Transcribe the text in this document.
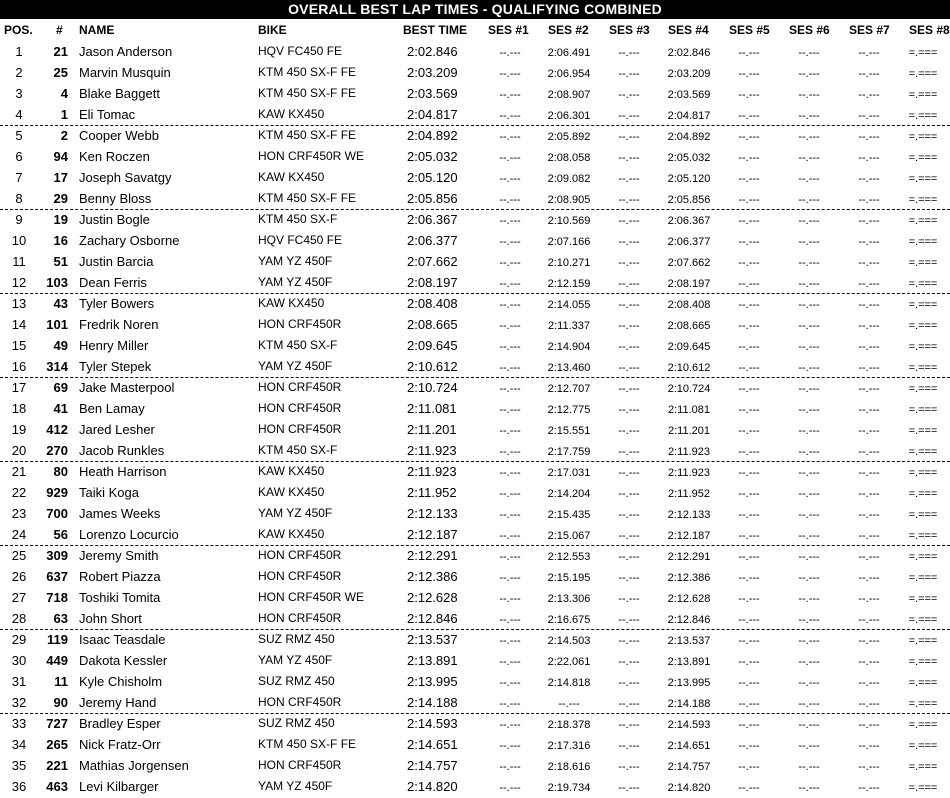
OVERALL BEST LAP TIMES - QUALIFYING COMBINED
POS. # NAME	BIKE	BEST TIME SES #1 SES #2 SES #3 SES #4 SES #5 SES #6 SES #7 SES #8
1	21 Jason Anderson	HQV FC450 FE	2:02.846	--.---	2:06.491	--.---	2:02.846	--.---	--.---	--.---	=.===
2	25 Marvin Musquin	KTM 450 SX-F FE	2:03.209	--.---	2:06.954	--.---	2:03.209	--.---	--.---	--.---	=.===
3	4 Blake Baggett	KTM 450 SX-F FE	2:03.569	--.---	2:08.907	--.---	2:03.569	--.---	--.---	--.---	=.===
4	1 Eli Tomac	KAW KX450	2:04.817	--.---	2:06.301	--.---	2:04.817	--.---	--.---	--.---	=.===
5	2 Cooper Webb	KTM 450 SX-F FE	2:04.892	--.---	2:05.892	--.---	2:04.892	--.---	--.---	--.---	=.===
6	94 Ken Roczen	HON CRF450R WE	2:05.032	--.---	2:08.058	--.---	2:05.032	--.---	--.---	--.---	=.===
7	17 Joseph Savatgy	KAW KX450	2:05.120	--.---	2:09.082	--.---	2:05.120	--.---	--.---	--.---	=.===
8	29 Benny Bloss	KTM 450 SX-F FE	2:05.856	--.---	2:08.905	--.---	2:05.856	--.---	--.---	--.---	=.===
9	19 Justin Bogle	KTM 450 SX-F	2:06.367	--.---	2:10.569	--.---	2:06.367	--.---	--.---	--.---	=.===
10	16 Zachary Osborne	HQV FC450 FE	2:06.377	--.---	2:07.166	--.---	2:06.377	--.---	--.---	--.---	=.===
11	51 Justin Barcia	YAM YZ 450F	2:07.662	--.---	2:10.271	--.---	2:07.662	--.---	--.---	--.---	=.===
12	103 Dean Ferris	YAM YZ 450F	2:08.197	--.---	2:12.159	--.---	2:08.197	--.---	--.---	--.---	=.===
13	43 Tyler Bowers	KAW KX450	2:08.408	--.---	2:14.055	--.---	2:08.408	--.---	--.---	--.---	=.===
14	101 Fredrik Noren	HON CRF450R	2:08.665	--.---	2:11.337	--.---	2:08.665	--.---	--.---	--.---	=.===
15	49 Henry Miller	KTM 450 SX-F	2:09.645	--.---	2:14.904	--.---	2:09.645	--.---	--.---	--.---	=.===
16	314 Tyler Stepek	YAM YZ 450F	2:10.612	--.---	2:13.460	--.---	2:10.612	--.---	--.---	--.---	=.===
17	69 Jake Masterpool	HON CRF450R	2:10.724	--.---	2:12.707	--.---	2:10.724	--.---	--.---	--.---	=.===
18	41 Ben Lamay	HON CRF450R	2:11.081	--.---	2:12.775	--.---	2:11.081	--.---	--.---	--.---	=.===
19	412 Jared Lesher	HON CRF450R	2:11.201	--.---	2:15.551	--.---	2:11.201	--.---	--.---	--.---	=.===
20	270 Jacob Runkles	KTM 450 SX-F	2:11.923	--.---	2:17.759	--.---	2:11.923	--.---	--.---	--.---	=.===
21	80 Heath Harrison	KAW KX450	2:11.923	--.---	2:17.031	--.---	2:11.923	--.---	--.---	--.---	=.===
22	929 Taiki Koga	KAW KX450	2:11.952	--.---	2:14.204	--.---	2:11.952	--.---	--.---	--.---	=.===
23	700 James Weeks	YAM YZ 450F	2:12.133	--.---	2:15.435	--.---	2:12.133	--.---	--.---	--.---	=.===
24	56 Lorenzo Locurcio	KAW KX450	2:12.187	--.---	2:15.067	--.---	2:12.187	--.---	--.---	--.---	=.===
25	309 Jeremy Smith	HON CRF450R	2:12.291	--.---	2:12.553	--.---	2:12.291	--.---	--.---	--.---	=.===
26	637 Robert Piazza	HON CRF450R	2:12.386	--.---	2:15.195	--.---	2:12.386	--.---	--.---	--.---	=.===
27	718 Toshiki Tomita	HON CRF450R WE	2:12.628	--.---	2:13.306	--.---	2:12.628	--.---	--.---	--.---	=.===
28	63 John Short	HON CRF450R	2:12.846	--.---	2:16.675	--.---	2:12.846	--.---	--.---	--.---	=.===
29	119 Isaac Teasdale	SUZ RMZ 450	2:13.537	--.---	2:14.503	--.---	2:13.537	--.---	--.---	--.---	=.===
30	449 Dakota Kessler	YAM YZ 450F	2:13.891	--.---	2:22.061	--.---	2:13.891	--.---	--.---	--.---	=.===
31	11 Kyle Chisholm	SUZ RMZ 450	2:13.995	--.---	2:14.818	--.---	2:13.995	--.---	--.---	--.---	=.===
32	90 Jeremy Hand	HON CRF450R	2:14.188	--.---	--.---	--.---	2:14.188	--.---	--.---	--.---	=.===
33	727 Bradley Esper	SUZ RMZ 450	2:14.593	--.---	2:18.378	--.---	2:14.593	--.---	--.---	--.---	=.===
34	265 Nick Fratz-Orr	KTM 450 SX-F FE	2:14.651	--.---	2:17.316	--.---	2:14.651	--.---	--.---	--.---	=.===
35	221 Mathias Jorgensen	HON CRF450R	2:14.757	--.---	2:18.616	--.---	2:14.757	--.---	--.---	--.---	=.===
36	463 Levi Kilbarger	YAM YZ 450F	2:14.820	--.---	2:19.734	--.---	2:14.820	--.---	--.---	--.---	=.===
